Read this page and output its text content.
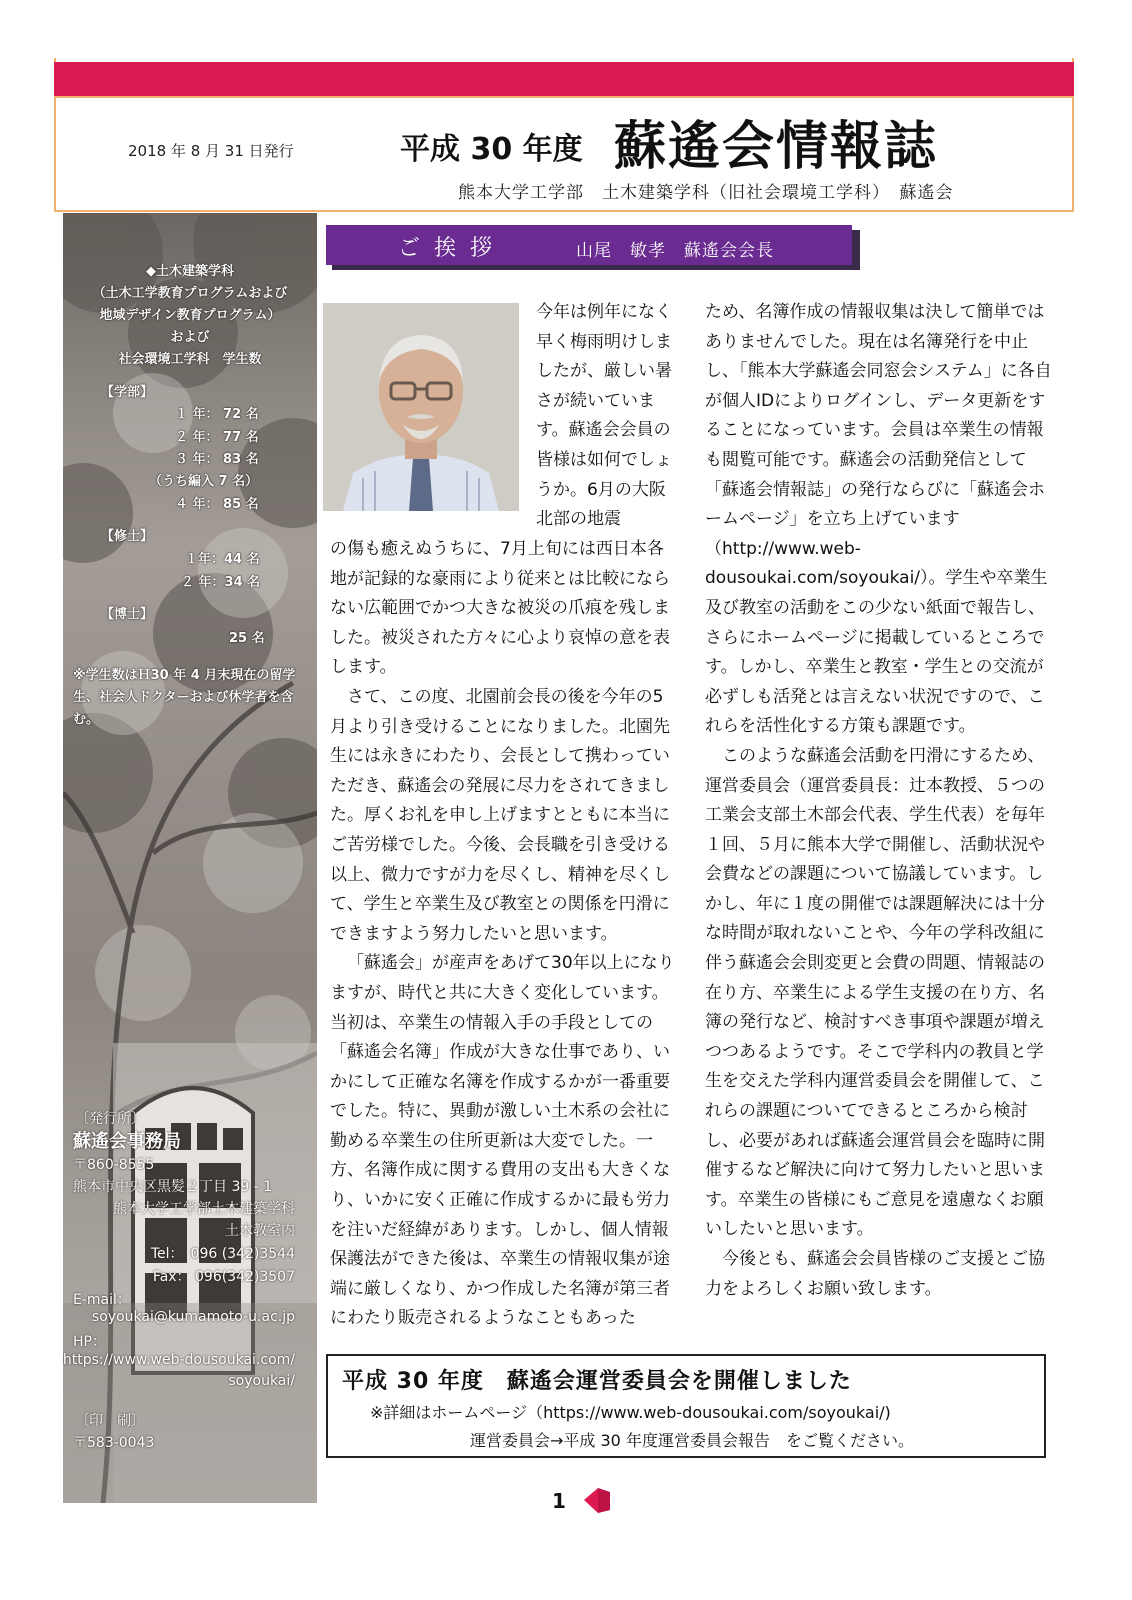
2018 年 8 月 31 日発行	平成 30 年度 蘇遙会情報誌
熊本大学工学部　土木建築学科（旧社会環境工学科）　蘇遙会
◆土木建築学科
（土木工学教育プログラムおよび
地域デザイン教育プログラム）
および
社会環境工学科　学生数
【学部】
１ 年： 72 名
２ 年： 77 名
３ 年： 83 名
（うち編入 7 名）
４ 年： 85 名
【修士】
１年：44 名
２ 年：34 名
【博士】
25 名
※学生数はＨ30 年 4 月末現在の留学生、社会人ドクターおよび休学者を含む。
〔発行所〕
蘇遙会事務局
〒860-8555
熊本市中央区黒髪２丁目 39 - 1
熊本大学工学部土木建築学科
土木教室内
Tel：　096 (342)3544
Fax： 096(342)3507
E-mail：
soyoukai@kumamoto-u.ac.jp
HP：
https://www.web-dousoukai.com/
soyoukai/
〔印　刷〕
〒583-0043
ご挨拶	山尾　敏孝　蘇遙会会長

今年は例年になく早く梅雨明けしましたが、厳しい暑さが続いています。蘇遙会会員の皆様は如何でしょうか。6月の大阪北部の地震

の傷も癒えぬうちに、7月上旬には西日本各地が記録的な豪雨により従来とは比較にならない広範囲でかつ大きな被災の爪痕を残しました。被災された方々に心より哀悼の意を表します。

さて、この度、北園前会長の後を今年の5月より引き受けることになりました。北園先生には永きにわたり、会長として携わっていただき、蘇遙会の発展に尽力をされてきました。厚くお礼を申し上げますとともに本当にご苦労様でした。今後、会長職を引き受ける以上、微力ですが力を尽くし、精神を尽くして、学生と卒業生及び教室との関係を円滑にできますよう努力したいと思います。

「蘇遙会」が産声をあげて30年以上になりますが、時代と共に大きく変化しています。当初は、卒業生の情報入手の手段としての「蘇遙会名簿」作成が大きな仕事であり、いかにして正確な名簿を作成するかが一番重要でした。特に、異動が激しい土木系の会社に勤める卒業生の住所更新は大変でした。一方、名簿作成に関する費用の支出も大きくなり、いかに安く正確に作成するかに最も労力を注いだ経緯があります。しかし、個人情報保護法ができた後は、卒業生の情報収集が途端に厳しくなり、かつ作成した名簿が第三者にわたり販売されるようなこともあった

ため、名簿作成の情報収集は決して簡単ではありませんでした。現在は名簿発行を中止し、「熊本大学蘇遙会同窓会システム」に各自が個人IDによりログインし、データ更新をすることになっています。会員は卒業生の情報も閲覧可能です。蘇遙会の活動発信として「蘇遙会情報誌」の発行ならびに「蘇遙会ホームページ」を立ち上げています（http://www.web-dousoukai.com/soyoukai/）。学生や卒業生及び教室の活動をこの少ない紙面で報告し、さらにホームページに掲載しているところです。しかし、卒業生と教室・学生との交流が必ずしも活発とは言えない状況ですので、これらを活性化する方策も課題です。

このような蘇遙会活動を円滑にするため、運営委員会（運営委員長：辻本教授、５つの工業会支部土木部会代表、学生代表）を毎年１回、５月に熊本大学で開催し、活動状況や会費などの課題について協議しています。しかし、年に１度の開催では課題解決には十分な時間が取れないことや、今年の学科改組に伴う蘇遙会会則変更と会費の問題、情報誌の在り方、卒業生による学生支援の在り方、名簿の発行など、検討すべき事項や課題が増えつつあるようです。そこで学科内の教員と学生を交えた学科内運営委員会を開催して、これらの課題についてできるところから検討し、必要があれば蘇遙会運営員会を臨時に開催するなど解決に向けて努力したいと思います。卒業生の皆様にもご意見を遠慮なくお願いしたいと思います。

今後とも、蘇遙会会員皆様のご支援とご協力をよろしくお願い致します。

平成 30 年度　蘇遙会運営委員会を開催しました
※詳細はホームページ（https://www.web-dousoukai.com/soyoukai/)
運営委員会→平成 30 年度運営委員会報告　をご覧ください。
1
